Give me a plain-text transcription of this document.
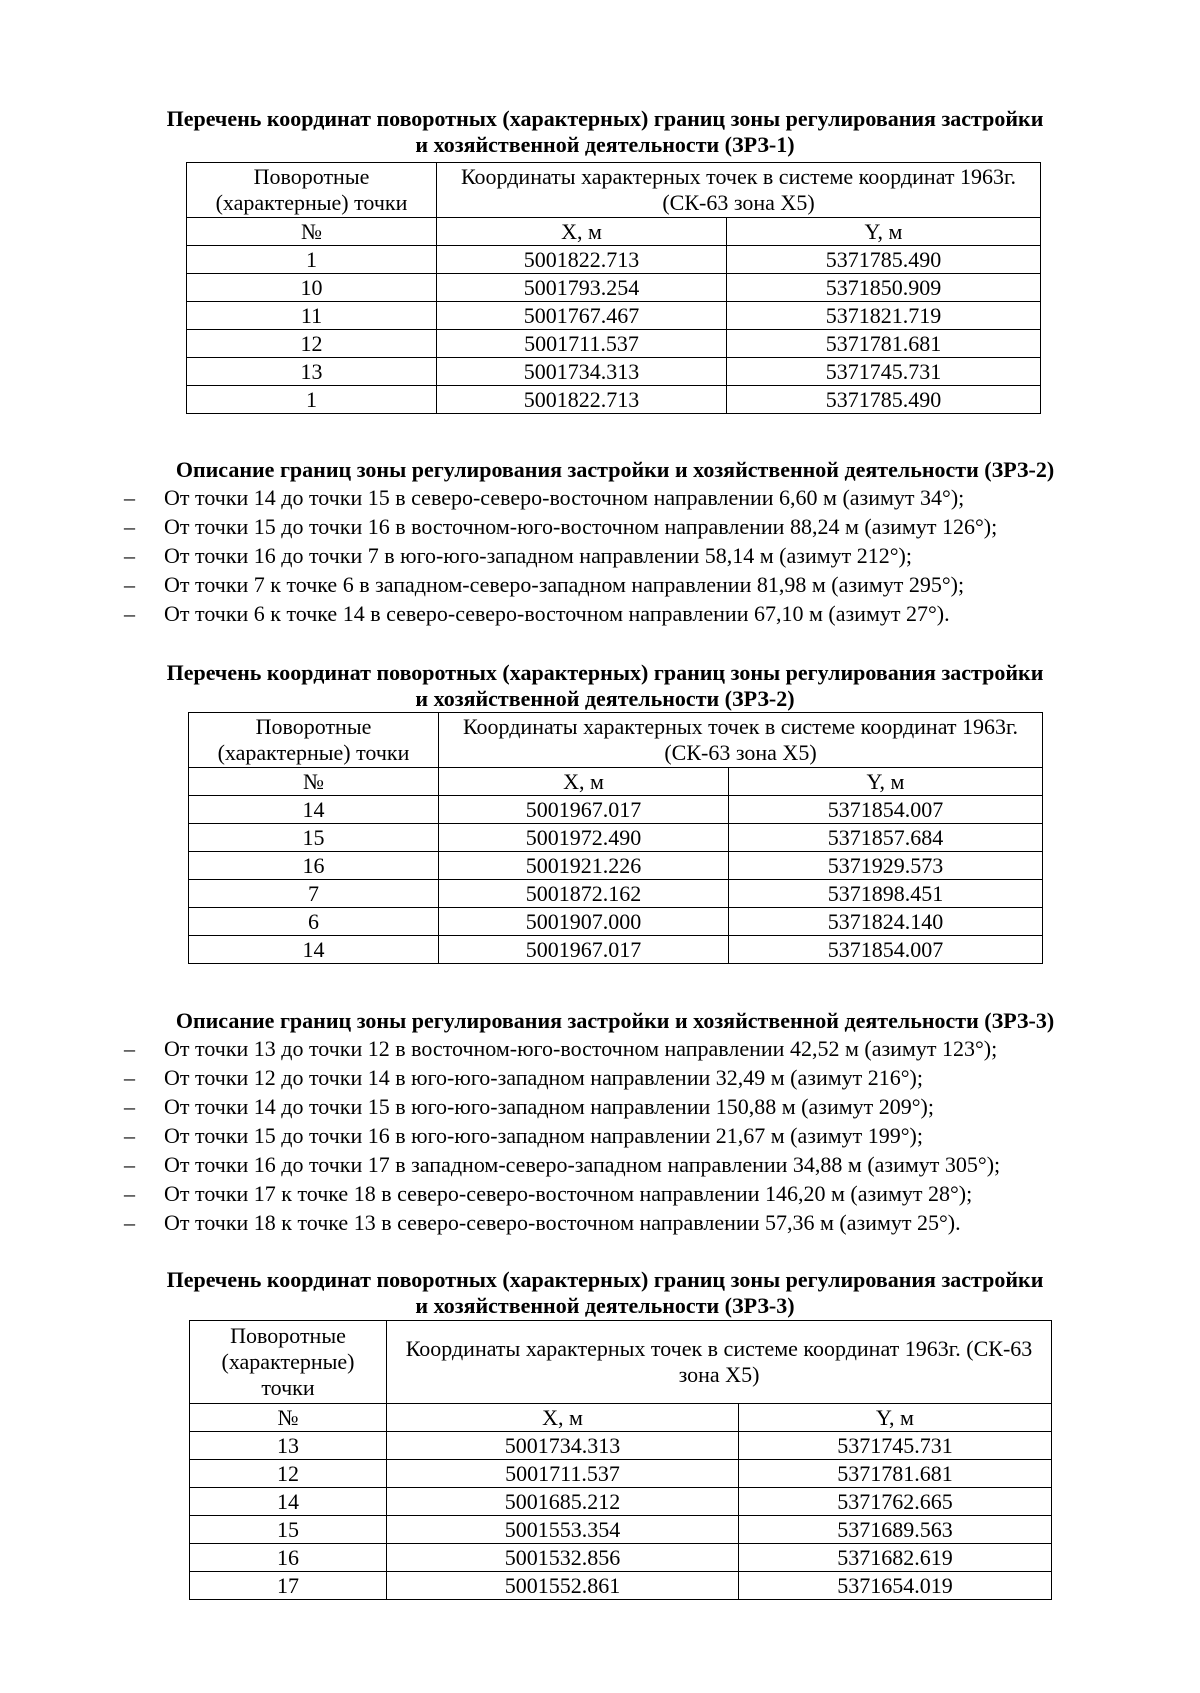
Перечень координат поворотных (характерных) границ зоны регулирования застройки
и хозяйственной деятельности (ЗРЗ-1)
Поворотные (характерные) точки	Координаты характерных точек в системе координат 1963г. (СК-63 зона Х5)	
№	X, м	Y, м
1	5001822.713	5371785.490
10	5001793.254	5371850.909
11	5001767.467	5371821.719
12	5001711.537	5371781.681
13	5001734.313	5371745.731
1	5001822.713	5371785.490
Описание границ зоны регулирования застройки и хозяйственной деятельности (ЗРЗ-2)
– От точки 14 до точки 15 в северо-северо-восточном направлении 6,60 м (азимут 34°);
– От точки 15 до точки 16 в восточном-юго-восточном направлении 88,24 м (азимут 126°);
– От точки 16 до точки 7 в юго-юго-западном направлении 58,14 м (азимут 212°);
– От точки 7 к точке 6 в западном-северо-западном направлении 81,98 м (азимут 295°);
– От точки 6 к точке 14 в северо-северо-восточном направлении 67,10 м (азимут 27°).
Перечень координат поворотных (характерных) границ зоны регулирования застройки
и хозяйственной деятельности (ЗРЗ-2)
Поворотные (характерные) точки	Координаты характерных точек в системе координат 1963г. (СК-63 зона Х5)	
№	X, м	Y, м
14	5001967.017	5371854.007
15	5001972.490	5371857.684
16	5001921.226	5371929.573
7	5001872.162	5371898.451
6	5001907.000	5371824.140
14	5001967.017	5371854.007
Описание границ зоны регулирования застройки и хозяйственной деятельности (ЗРЗ-3)
– От точки 13 до точки 12 в восточном-юго-восточном направлении 42,52 м (азимут 123°);
– От точки 12 до точки 14 в юго-юго-западном направлении 32,49 м (азимут 216°);
– От точки 14 до точки 15 в юго-юго-западном направлении 150,88 м (азимут 209°);
– От точки 15 до точки 16 в юго-юго-западном направлении 21,67 м (азимут 199°);
– От точки 16 до точки 17 в западном-северо-западном направлении 34,88 м (азимут 305°);
– От точки 17 к точке 18 в северо-северо-восточном направлении 146,20 м (азимут 28°);
– От точки 18 к точке 13 в северо-северо-восточном направлении 57,36 м (азимут 25°).
Перечень координат поворотных (характерных) границ зоны регулирования застройки
и хозяйственной деятельности (ЗРЗ-3)
Поворотные (характерные) точки	Координаты характерных точек в системе координат 1963г. (СК-63 зона Х5)	
№	X, м	Y, м
13	5001734.313	5371745.731
12	5001711.537	5371781.681
14	5001685.212	5371762.665
15	5001553.354	5371689.563
16	5001532.856	5371682.619
17	5001552.861	5371654.019
